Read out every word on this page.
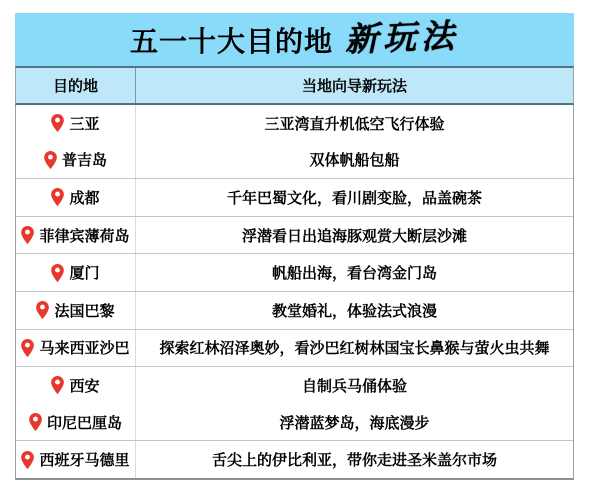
五一十大目的地 新玩法
目的地	当地向导新玩法
三亚	三亚湾直升机低空飞行体验
普吉岛	双体帆船包船
成都	千年巴蜀文化，看川剧变脸，品盖碗茶
菲律宾薄荷岛	浮潜看日出追海豚观赏大断层沙滩
厦门	帆船出海，看台湾金门岛
法国巴黎	教堂婚礼，体验法式浪漫
马来西亚沙巴	探索红林沼泽奥妙，看沙巴红树林国宝长鼻猴与萤火虫共舞
西安	自制兵马俑体验
印尼巴厘岛	浮潜蓝梦岛，海底漫步
西班牙马德里	舌尖上的伊比利亚，带你走进圣米盖尔市场
